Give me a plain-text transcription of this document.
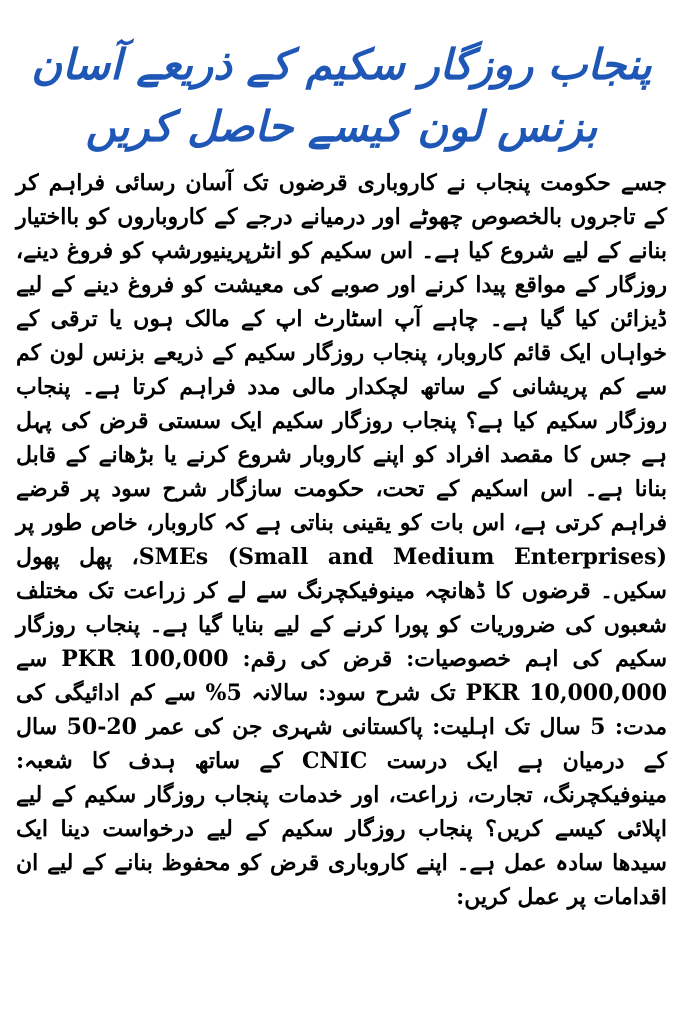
پنجاب روزگار سکیم کے ذریعے آسان بزنس لون کیسے حاصل کریں

جسے حکومت پنجاب نے کاروباری قرضوں تک آسان رسائی فراہم کر کے تاجروں بالخصوص چھوٹے اور درمیانے درجے کے کاروباروں کو بااختیار بنانے کے لیے شروع کیا ہے۔ اس سکیم کو انٹرپرینیورشپ کو فروغ دینے، روزگار کے مواقع پیدا کرنے اور صوبے کی معیشت کو فروغ دینے کے لیے ڈیزائن کیا گیا ہے۔ چاہے آپ اسٹارٹ اپ کے مالک ہوں یا ترقی کے خواہاں ایک قائم کاروبار، پنجاب روزگار سکیم کے ذریعے بزنس لون کم سے کم پریشانی کے ساتھ لچکدار مالی مدد فراہم کرتا ہے۔ پنجاب روزگار سکیم کیا ہے؟ پنجاب روزگار سکیم ایک سستی قرض کی پہل ہے جس کا مقصد افراد کو اپنے کاروبار شروع کرنے یا بڑھانے کے قابل بنانا ہے۔ اس اسکیم کے تحت، حکومت سازگار شرح سود پر قرضے فراہم کرتی ہے، اس بات کو یقینی بناتی ہے کہ کاروبار، خاص طور پر SMEs (Small and Medium Enterprises)، پھل پھول سکیں۔ قرضوں کا ڈھانچہ مینوفیکچرنگ سے لے کر زراعت تک مختلف شعبوں کی ضروریات کو پورا کرنے کے لیے بنایا گیا ہے۔ پنجاب روزگار سکیم کی اہم خصوصیات: قرض کی رقم: PKR 100,000 سے PKR 10,000,000 تک شرح سود: سالانہ 5% سے کم ادائیگی کی مدت: 5 سال تک اہلیت: پاکستانی شہری جن کی عمر 20-50 سال کے درمیان ہے ایک درست CNIC کے ساتھ ہدف کا شعبہ: مینوفیکچرنگ، تجارت، زراعت، اور خدمات پنجاب روزگار سکیم کے لیے اپلائی کیسے کریں؟ پنجاب روزگار سکیم کے لیے درخواست دینا ایک سیدھا سادہ عمل ہے۔ اپنے کاروباری قرض کو محفوظ بنانے کے لیے ان اقدامات پر عمل کریں:
